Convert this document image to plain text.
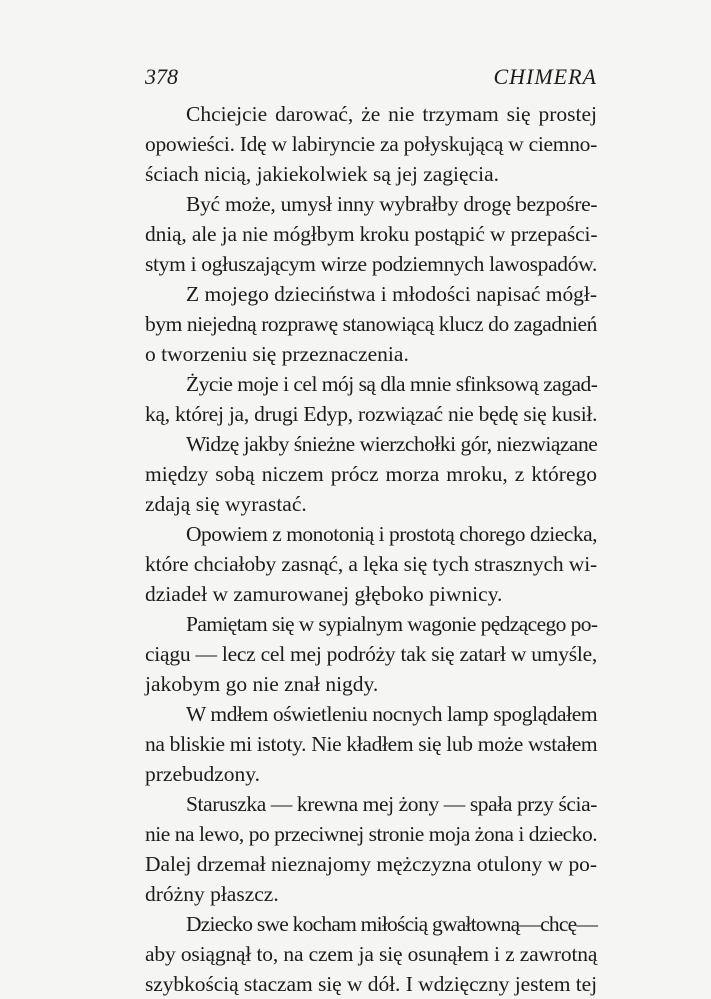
378	CHIMERA
Chciejcie darować, że nie trzymam się prostej
opowieści. Idę w labiryncie za połyskującą w ciemno-
ściach nicią, jakiekolwiek są jej zagięcia.
Być może, umysł inny wybrałby drogę bezpośre-
dnią, ale ja nie mógłbym kroku postąpić w przepaści-
stym i ogłuszającym wirze podziemnych lawospadów.
Z mojego dzieciństwa i młodości napisać mógł-
bym niejedną rozprawę stanowiącą klucz do zagadnień
o tworzeniu się przeznaczenia.
Życie moje i cel mój są dla mnie sfinksową zagad-
ką, której ja, drugi Edyp, rozwiązać nie będę się kusił.
Widzę jakby śnieżne wierzchołki gór, niezwiązane
między sobą niczem prócz morza mroku, z którego
zdają się wyrastać.
Opowiem z monotonią i prostotą chorego dziecka,
które chciałoby zasnąć, a lęka się tych strasznych wi-
dziadeł w zamurowanej głęboko piwnicy.
Pamiętam się w sypialnym wagonie pędzącego po-
ciągu — lecz cel mej podróży tak się zatarł w umyśle,
jakobym go nie znał nigdy.
W mdłem oświetleniu nocnych lamp spoglądałem
na bliskie mi istoty. Nie kładłem się lub może wstałem
przebudzony.
Staruszka — krewna mej żony — spała przy ścia-
nie na lewo, po przeciwnej stronie moja żona i dziecko.
Dalej drzemał nieznajomy mężczyzna otulony w po-
dróżny płaszcz.
Dziecko swe kocham miłością gwałtowną—chcę—
aby osiągnął to, na czem ja się osunąłem i z zawrotną
szybkością staczam się w dół. I wdzięczny jestem tej
